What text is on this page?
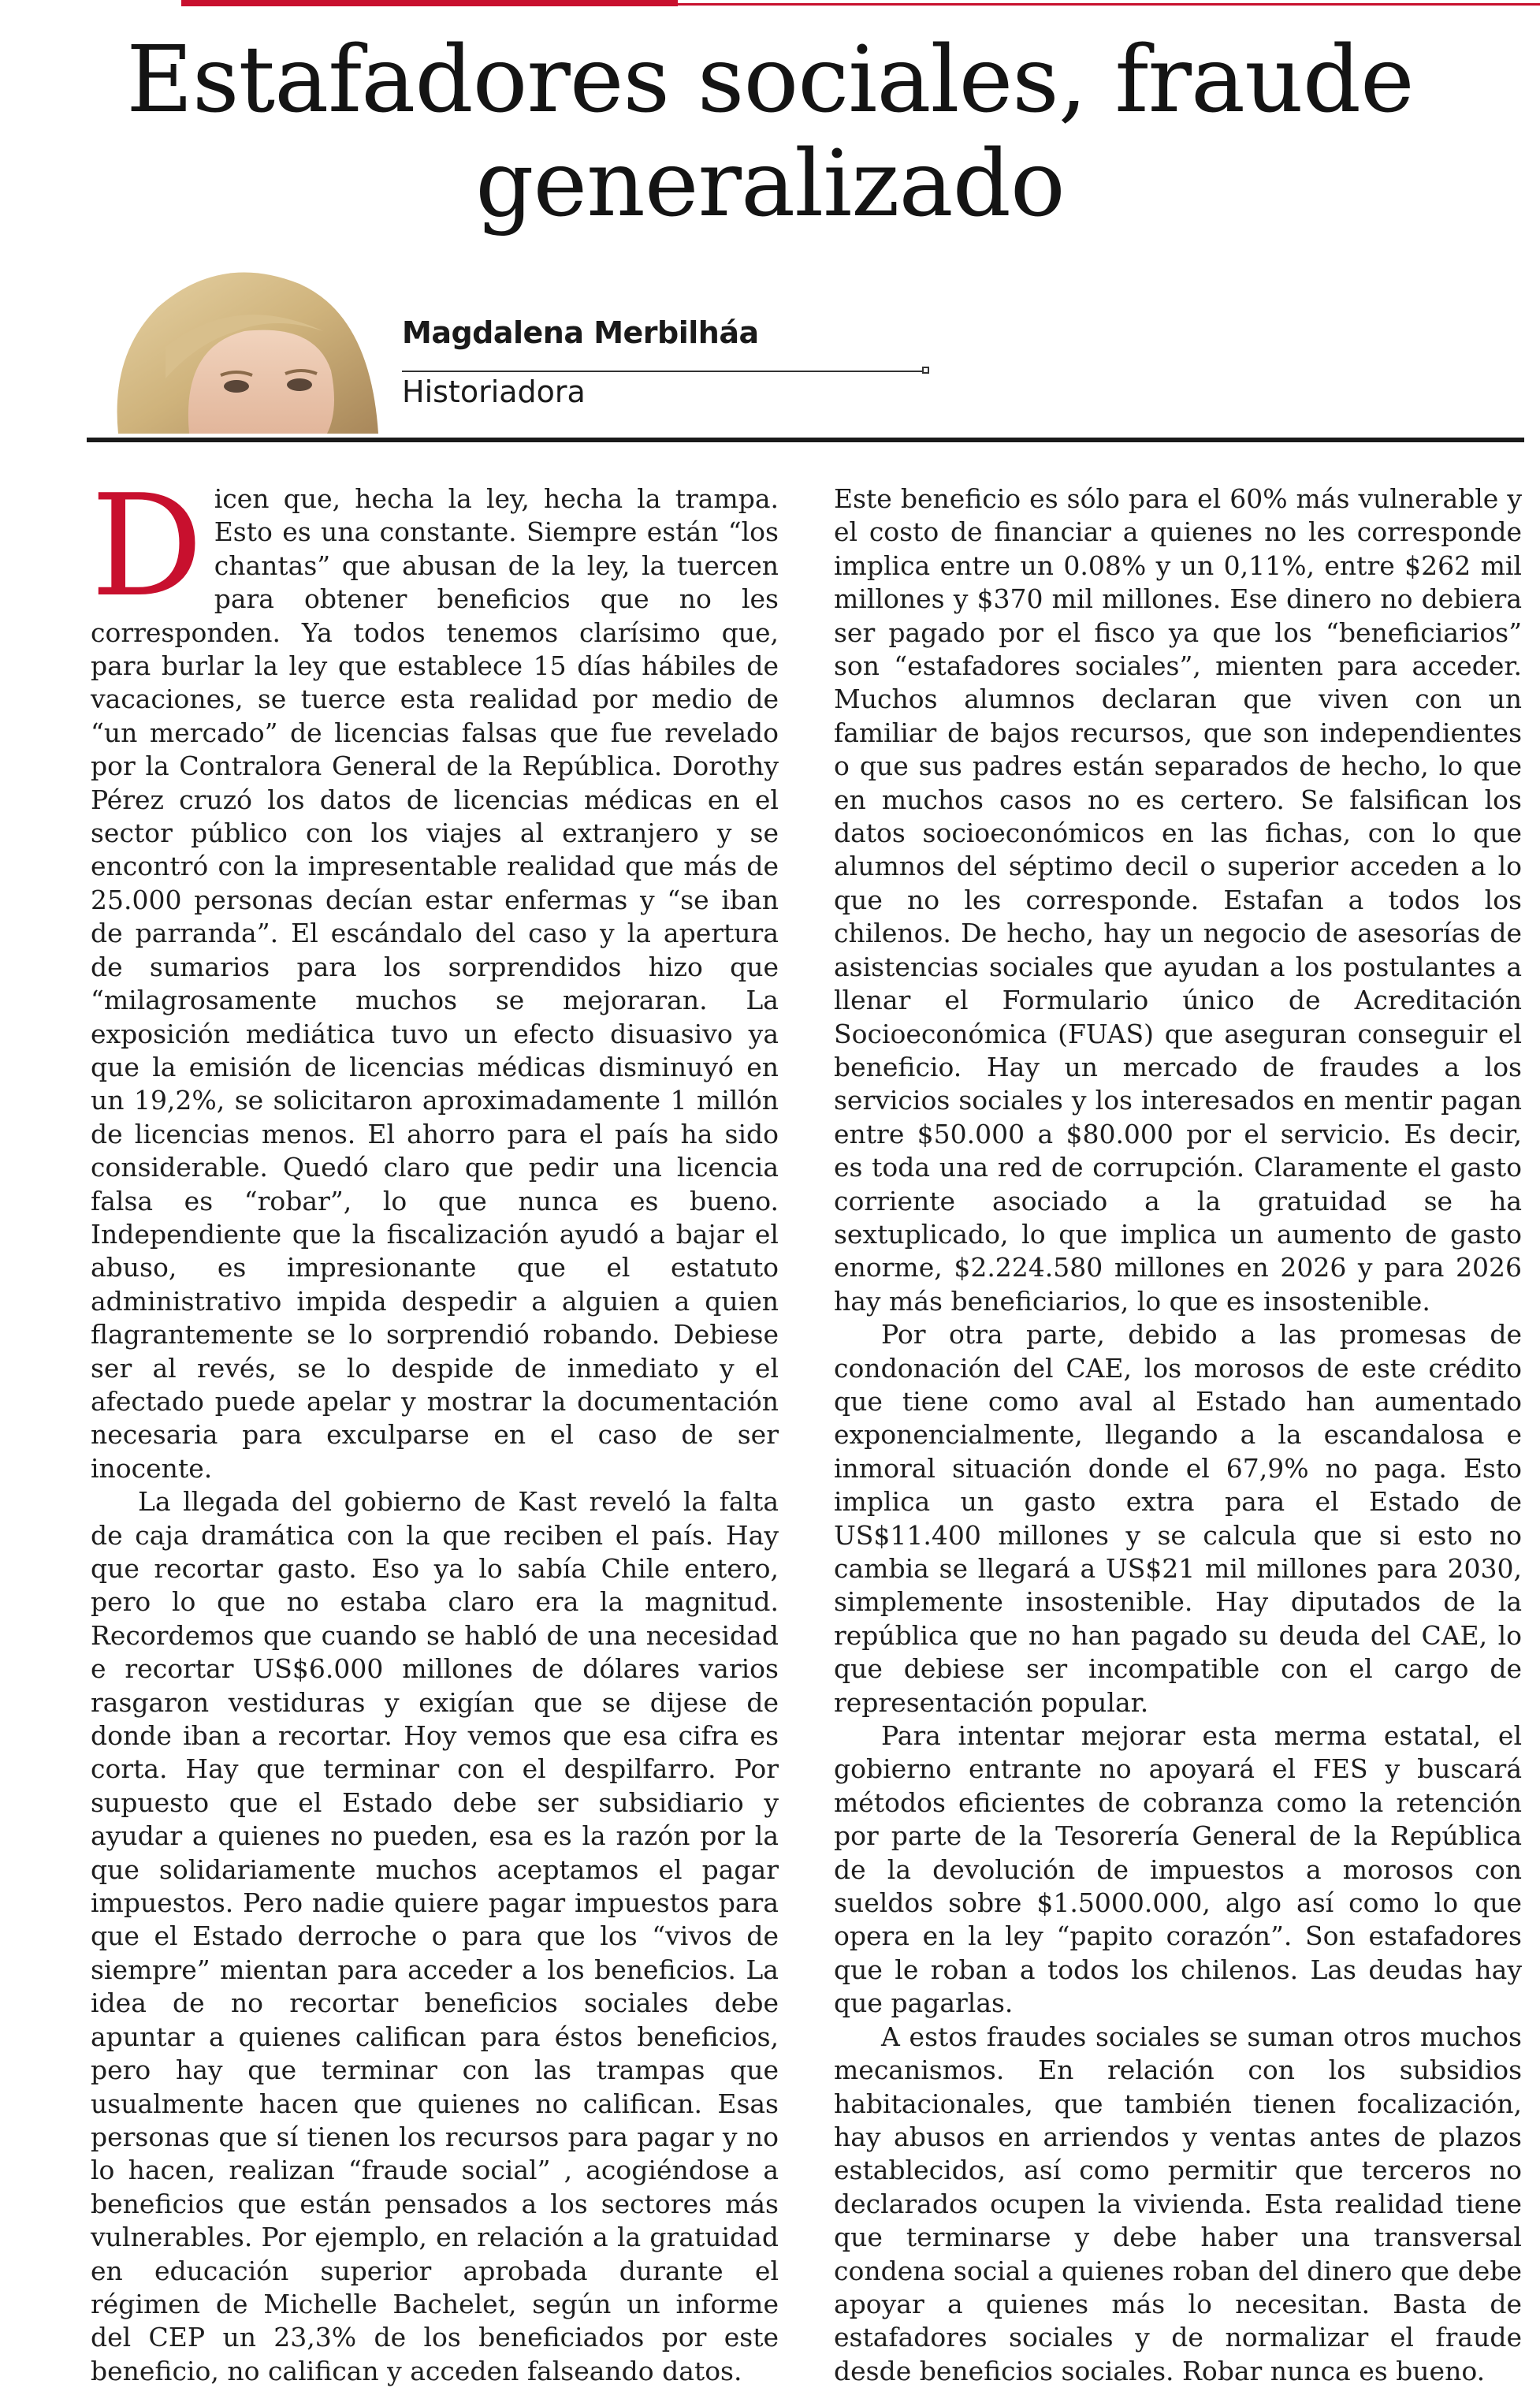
Estafadores sociales, fraude generalizado
Magdalena Merbilháa
Historiadora

Dicen que, hecha la ley, hecha la trampa. Esto es una constante. Siempre están “los chantas” que abusan de la ley, la tuercen para obtener beneficios que no les corresponden. Ya todos tenemos clarísimo que, para burlar la ley que establece 15 días hábiles de vacaciones, se tuerce esta realidad por medio de “un mercado” de licencias falsas que fue revelado por la Contralora General de la República. Dorothy Pérez cruzó los datos de licencias médicas en el sector público con los viajes al extranjero y se encontró con la impresentable realidad que más de 25.000 personas decían estar enfermas y “se iban de parranda”. El escándalo del caso y la apertura de sumarios para los sorprendidos hizo que “milagrosamente muchos se mejoraran. La exposición mediática tuvo un efecto disuasivo ya que la emisión de licencias médicas disminuyó en un 19,2%, se solicitaron aproximadamente 1 millón de licencias menos. El ahorro para el país ha sido considerable. Quedó claro que pedir una licencia falsa es “robar”, lo que nunca es bueno. Independiente que la fiscalización ayudó a bajar el abuso, es impresionante que el estatuto administrativo impida despedir a alguien a quien flagrantemente se lo sorprendió robando. Debiese ser al revés, se lo despide de inmediato y el afectado puede apelar y mostrar la documentación necesaria para exculparse en el caso de ser inocente.

La llegada del gobierno de Kast reveló la falta de caja dramática con la que reciben el país. Hay que recortar gasto. Eso ya lo sabía Chile entero, pero lo que no estaba claro era la magnitud. Recordemos que cuando se habló de una necesidad e recortar US$6.000 millones de dólares varios rasgaron vestiduras y exigían que se dijese de donde iban a recortar. Hoy vemos que esa cifra es corta. Hay que terminar con el despilfarro. Por supuesto que el Estado debe ser subsidiario y ayudar a quienes no pueden, esa es la razón por la que solidariamente muchos aceptamos el pagar impuestos. Pero nadie quiere pagar impuestos para que el Estado derroche o para que los “vivos de siempre” mientan para acceder a los beneficios. La idea de no recortar beneficios sociales debe apuntar a quienes califican para éstos beneficios, pero hay que terminar con las trampas que usualmente hacen que quienes no califican. Esas personas que sí tienen los recursos para pagar y no lo hacen, realizan “fraude social” , acogiéndose a beneficios que están pensados a los sectores más vulnerables. Por ejemplo, en relación a la gratuidad en educación superior aprobada durante el régimen de Michelle Bachelet, según un informe del CEP un 23,3% de los beneficiados por este beneficio, no califican y acceden falseando datos.

Este beneficio es sólo para el 60% más vulnerable y el costo de financiar a quienes no les corresponde implica entre un 0.08% y un 0,11%, entre $262 mil millones y $370 mil millones. Ese dinero no debiera ser pagado por el fisco ya que los “beneficiarios” son “estafadores sociales”, mienten para acceder. Muchos alumnos declaran que viven con un familiar de bajos recursos, que son independientes o que sus padres están separados de hecho, lo que en muchos casos no es certero. Se falsifican los datos socioeconómicos en las fichas, con lo que alumnos del séptimo decil o superior acceden a lo que no les corresponde. Estafan a todos los chilenos. De hecho, hay un negocio de asesorías de asistencias sociales que ayudan a los postulantes a llenar el Formulario único de Acreditación Socioeconómica (FUAS) que aseguran conseguir el beneficio. Hay un mercado de fraudes a los servicios sociales y los interesados en mentir pagan entre $50.000 a $80.000 por el servicio. Es decir, es toda una red de corrupción. Claramente el gasto corriente asociado a la gratuidad se ha sextuplicado, lo que implica un aumento de gasto enorme, $2.224.580 millones en 2026 y para 2026 hay más beneficiarios, lo que es insostenible.

Por otra parte, debido a las promesas de condonación del CAE, los morosos de este crédito que tiene como aval al Estado han aumentado exponencialmente, llegando a la escandalosa e inmoral situación donde el 67,9% no paga. Esto implica un gasto extra para el Estado de US$11.400 millones y se calcula que si esto no cambia se llegará a US$21 mil millones para 2030, simplemente insostenible. Hay diputados de la república que no han pagado su deuda del CAE, lo que debiese ser incompatible con el cargo de representación popular.

Para intentar mejorar esta merma estatal, el gobierno entrante no apoyará el FES y buscará métodos eficientes de cobranza como la retención por parte de la Tesorería General de la República de la devolución de impuestos a morosos con sueldos sobre $1.5000.000, algo así como lo que opera en la ley “papito corazón”. Son estafadores que le roban a todos los chilenos. Las deudas hay que pagarlas.

A estos fraudes sociales se suman otros muchos mecanismos. En relación con los subsidios habitacionales, que también tienen focalización, hay abusos en arriendos y ventas antes de plazos establecidos, así como permitir que terceros no declarados ocupen la vivienda. Esta realidad tiene que terminarse y debe haber una transversal condena social a quienes roban del dinero que debe apoyar a quienes más lo necesitan. Basta de estafadores sociales y de normalizar el fraude desde beneficios sociales. Robar nunca es bueno.
